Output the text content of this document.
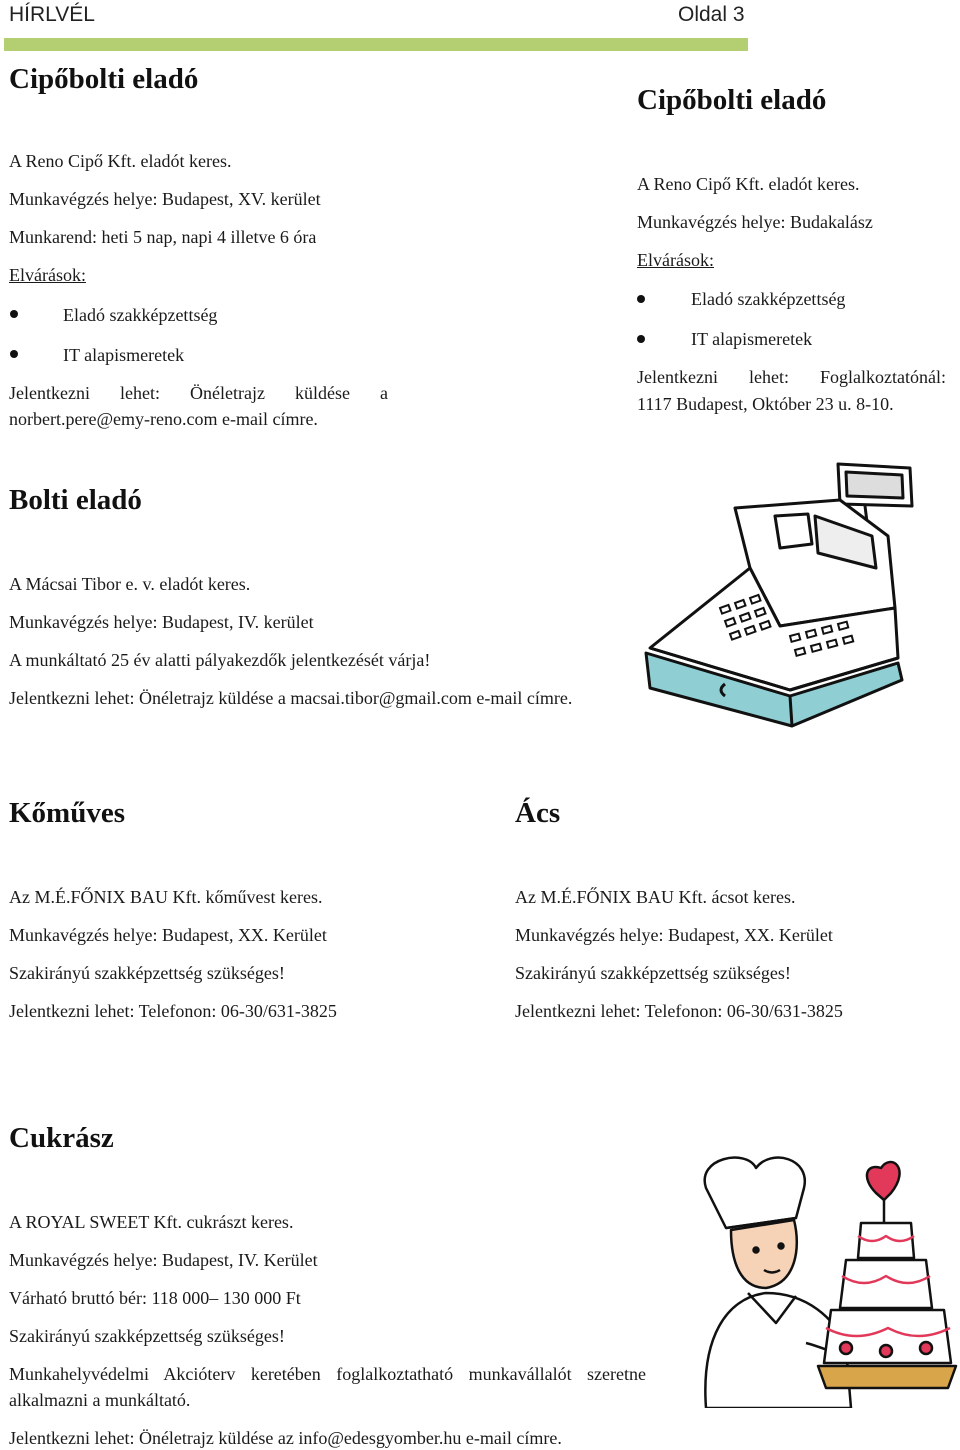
HÍRLVÉL	Oldal 3
Cipőbolti eladó
A Reno Cipő Kft. eladót keres.
Munkavégzés helye: Budapest, XV. kerület
Munkarend: heti 5 nap, napi 4 illetve 6 óra
Elvárások:
Eladó szakképzettség
IT alapismeretek
Jelentkezni lehet: Önéletrajz küldése a
norbert.pere@emy-reno.com e-mail címre.
Cipőbolti eladó
A Reno Cipő Kft. eladót keres.
Munkavégzés helye: Budakalász
Elvárások:
Eladó szakképzettség
IT alapismeretek
Jelentkezni lehet: Foglalkoztatónál:
1117 Budapest, Október 23 u. 8-10.
Bolti eladó
A Mácsai Tibor e. v. eladót keres.
Munkavégzés helye: Budapest, IV. kerület
A munkáltató 25 év alatti pályakezdők jelentkezését várja!
Jelentkezni lehet: Önéletrajz küldése a macsai.tibor@gmail.com e-mail címre.
Kőműves
Az M.É.FŐNIX BAU Kft. kőművest keres.
Munkavégzés helye: Budapest, XX. Kerület
Szakirányú szakképzettség szükséges!
Jelentkezni lehet: Telefonon: 06-30/631-3825
Ács
Az M.É.FŐNIX BAU Kft. ácsot keres.
Munkavégzés helye: Budapest, XX. Kerület
Szakirányú szakképzettség szükséges!
Jelentkezni lehet: Telefonon: 06-30/631-3825
Cukrász
A ROYAL SWEET Kft. cukrászt keres.
Munkavégzés helye: Budapest, IV. Kerület
Várható bruttó bér: 118 000– 130 000 Ft
Szakirányú szakképzettség szükséges!
Munkahelyvédelmi Akcióterv keretében foglalkoztatható munkavállalót szeretne
alkalmazni a munkáltató.
Jelentkezni lehet: Önéletrajz küldése az info@edesgyomber.hu e-mail címre.
